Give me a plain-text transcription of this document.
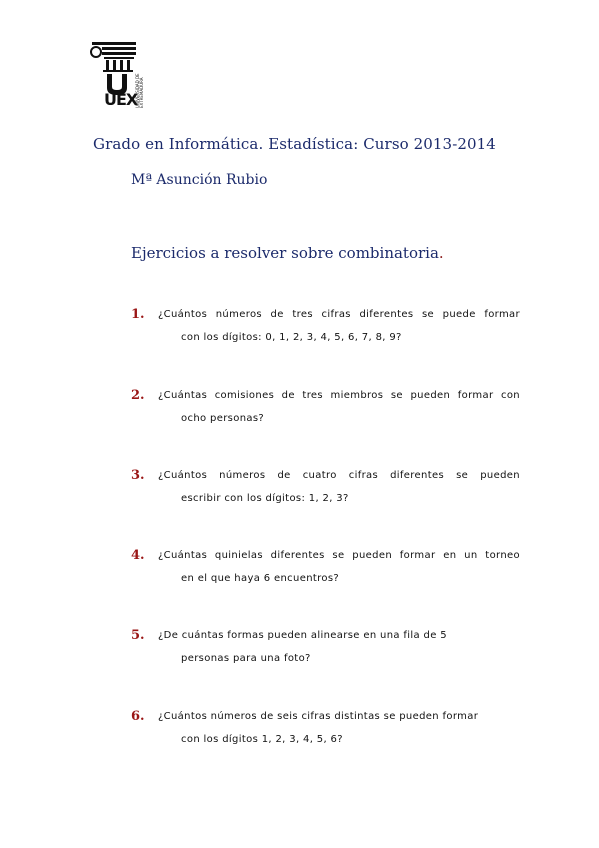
UEX
UNIVERSIDAD DE EXTREMADURA
Grado en Informática. Estadística: Curso 2013-2014
Mª Asunción Rubio
Ejercicios a resolver sobre combinatoria.
1. ¿Cuántos números de tres cifras diferentes se puede formar
con los dígitos: 0, 1, 2, 3, 4, 5, 6, 7, 8, 9?
2. ¿Cuántas comisiones de tres miembros se pueden formar con
ocho personas?
3. ¿Cuántos números de cuatro cifras diferentes se pueden
escribir con los dígitos: 1, 2, 3?
4. ¿Cuántas quinielas diferentes se pueden formar en un torneo
en el que haya 6 encuentros?
5. ¿De cuántas formas pueden alinearse en una fila de 5
personas para una foto?
6. ¿Cuántos números de seis cifras distintas se pueden formar
con los dígitos 1, 2, 3, 4, 5, 6?
